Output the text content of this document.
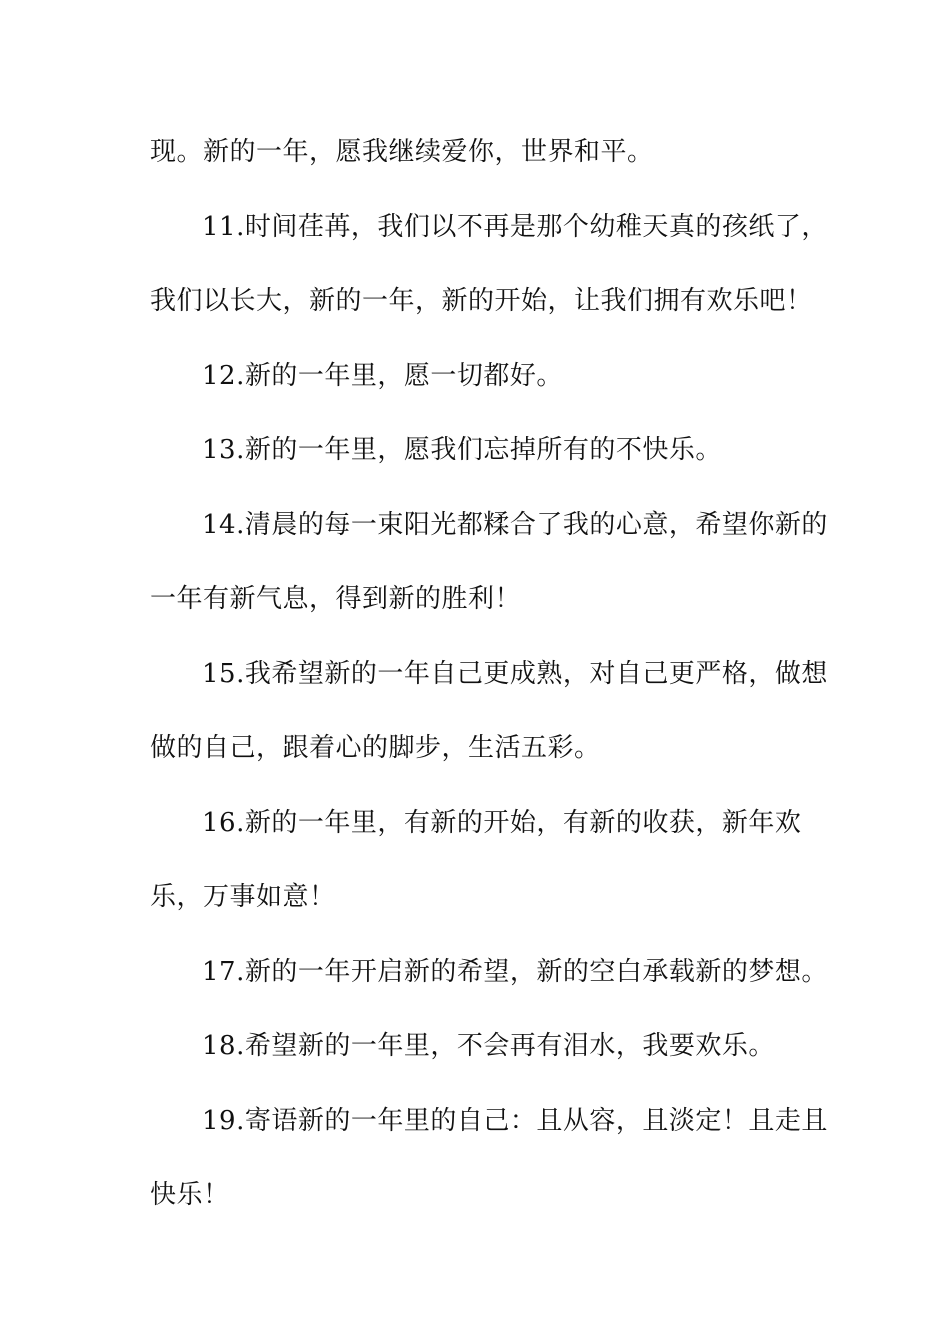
现。新的一年，愿我继续爱你，世界和平。
11.时间荏苒，我们以不再是那个幼稚天真的孩纸了，
我们以长大，新的一年，新的开始，让我们拥有欢乐吧！
12.新的一年里，愿一切都好。
13.新的一年里，愿我们忘掉所有的不快乐。
14.清晨的每一束阳光都糅合了我的心意，希望你新的
一年有新气息，得到新的胜利！
15.我希望新的一年自己更成熟，对自己更严格，做想
做的自己，跟着心的脚步，生活五彩。
16.新的一年里，有新的开始，有新的收获，新年欢
乐，万事如意！
17.新的一年开启新的希望，新的空白承载新的梦想。
18.希望新的一年里，不会再有泪水，我要欢乐。
19.寄语新的一年里的自己：且从容，且淡定！且走且
快乐！
